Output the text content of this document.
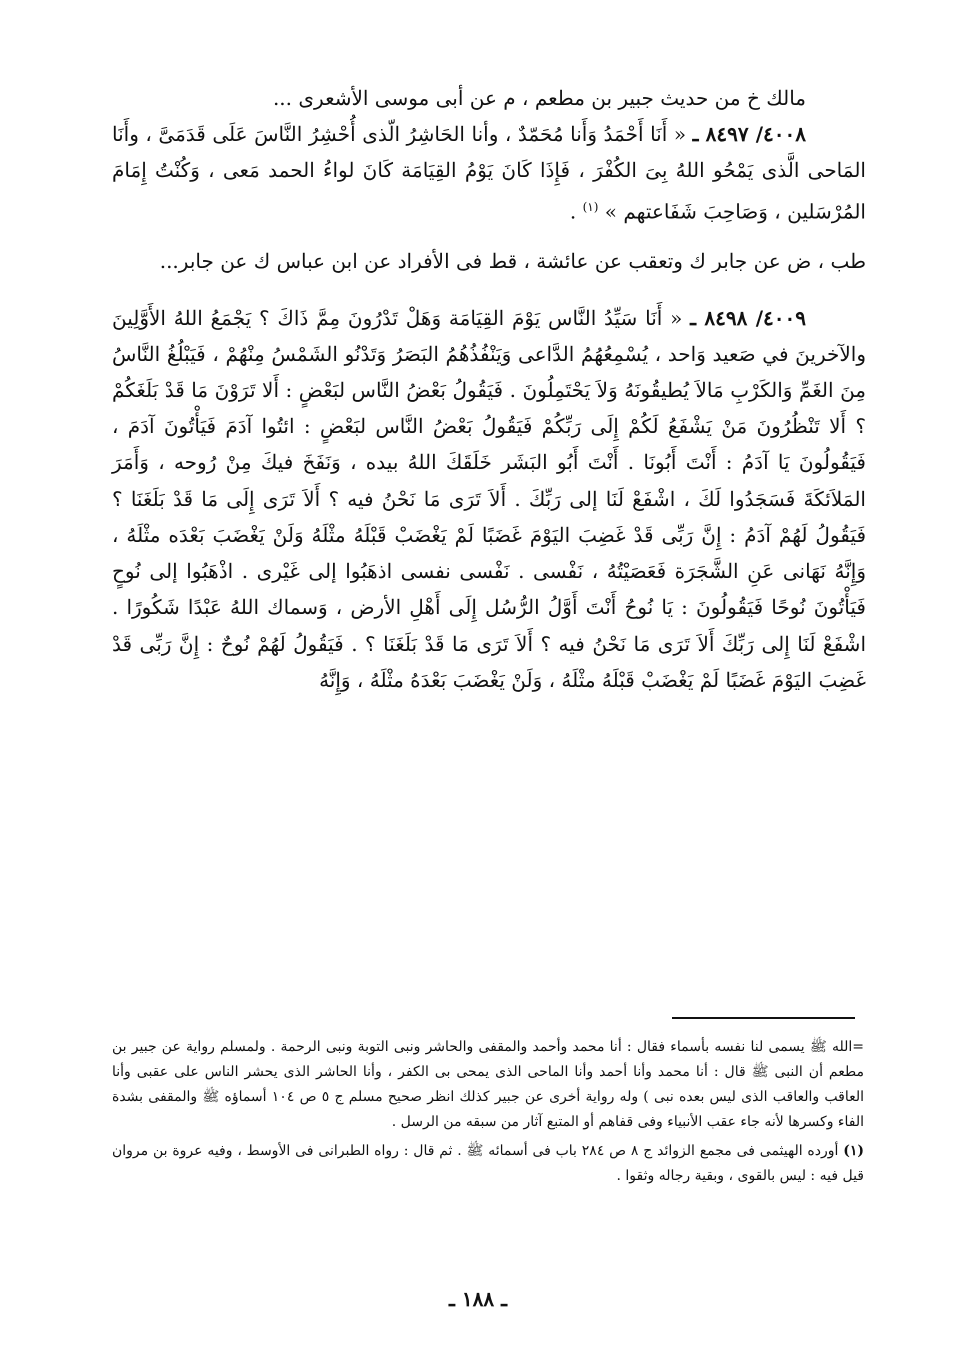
مالك خ من حديث جبير بن مطعم ، م عن أبى موسى الأشعرى ...

٤٠٠٨/ ٨٤٩٧ ـ « أَنَا أَحْمَدُ وَأَنا مُحَمّدٌ ، وأنا الحَاشِرُ الّذى أُحْشِرُ النَّاسَ عَلَى قَدَمَىَّ ، وأَنَا المَاحى الَّذى يَمْحُو اللهُ بِىَ الكُفْرَ ، فَإِذَا كَانَ يَوْمُ القِيَامَة كَانَ لواءُ الحمد مَعى ، وَكُنْتُ إِمَامَ المُرْسَلين ، وَصَاحِبَ شَفَاعتهم » $^{(١)}$ .

طب ، ض عن جابر ك وتعقب عن عائشة ، قط فى الأفراد عن ابن عباس ك عن جابر...

٤٠٠٩/ ٨٤٩٨ ـ « أَنَا سَيِّدُ النَّاس يَوْمَ القِيَامَة وَهَلْ تَدْرُونَ مِمَّ ذَاكَ ؟ يَجْمَعُ اللهُ الأَوَّلِينَ والآخرينَ في صَعيد وَاحد ، يُسْمِعُهُمُ الدَّاعى وَيَنْفُذُهُمُ البَصَرُ وَتَدْنُو الشَمْسُ مِنْهُمْ ، فَيَبْلُغُ النَّاسُ مِنَ الغَمِّ وَالكَرْبِ مَالاَ يُطيقُونَهُ وَلاَ يَحْتَمِلُونَ . فَيَقُولُ بَعْضُ النَّاس لبَعْضٍ : أَلا تَرَوْنَ مَا قَدْ بَلَغَكُمْ ؟ أَلا تَنْظُرُونَ مَنْ يَشْفَعُ لَكُمْ إِلَى رَبِّكُمْ فَيَقُولُ بَعْضُ النَّاس لبَعْضٍ : ائتُوا آدَمَ فَيَأْتُونَ آدَمَ ، فَيَقُولُونَ يَا آدَمُ : أَنْتَ أَبُونَا . أَنْتَ أَبُو البَشَر خَلَقَكَ اللهُ بيده ، وَنَفَخَ فيكَ مِنْ رُوحه ، وَأَمَرَ المَلاَئكَةَ فَسَجَدُوا لَكَ ، اشْفَعْ لَنَا إلى رَبِّكَ . أَلاَ تَرَى مَا نَحْنُ فيه ؟ أَلاَ تَرَى إِلَى مَا قَدْ بَلَغَنَا ؟ فَيَقُولُ لَهُمْ آدَمُ : إِنَّ رَبِّى قَدْ غَضِبَ اليَوْمَ غَضَبًا لَمْ يَغْضَبْ قَبْلَهُ مثْلَهُ وَلَنْ يَغْضَبَ بَعْدَه مثْلَهُ ، وَإِنَّهُ نَهَانى عَنِ الشَّجَرَة فَعَصَيْتُهُ ، نَفْسى . نَفْسى نفسى اذهَبُوا إلى غَيْرى . اذْهَبُوا إلى نُوحٍ فَيَأْتُونَ نُوحًا فَيَقُولُونَ : يَا نُوحُ أَنْتَ أَوَّلُ الرُّسُل إِلَى أَهْلِ الأرض ، وَسماك اللهُ عَبْدًا شَكُورًا . اشْفَعْ لَنَا إِلى رَبِّكَ أَلاَ تَرَى مَا نَحْنُ فيه ؟ أَلاَ تَرَى مَا قَدْ بَلَغَنَا ؟ . فَيَقُولُ لَهُمْ نُوحٌ : إِنَّ رَبِّى قَدْ غَضِبَ اليَوْمَ غَضَبًا لَمْ يَغْضَبْ قَبْلَهُ مثْلَهُ ، وَلَنْ يَغْضَبَ بَعْدَهُ مثْلَهُ ، وَإِنَّهُ

=الله ﷺ يسمى لنا نفسه بأسماء فقال : أنا محمد وأحمد والمقفى والحاشر ونبى التوبة ونبى الرحمة . ولمسلم رواية عن جبير بن مطعم أن النبى ﷺ قال : أنا محمد وأنا أحمد وأنا الماحى الذى يمحى بى الكفر ، وأنا الحاشر الذى يحشر الناس على عقبى وأنا العاقب والعاقب الذى ليس بعده نبى ) وله رواية أخرى عن جبير كذلك انظر صحيح مسلم ج ٥ ص ١٠٤ أسماؤه ﷺ والمقفى بشدة الفاء وكسرها لأنه جاء عقب الأنبياء وفى قفاهم أو المتبع آثار من سبقه من الرسل .

(١) أورده الهيثمى فى مجمع الزوائد ج ٨ ص ٢٨٤ باب فى أسمائه ﷺ . ثم قال : رواه الطبرانى فى الأوسط ، وفيه عروة بن مروان قيل فيه : ليس بالقوى ، وبقية رجاله وثقوا .

ـ ١٨٨ ـ
